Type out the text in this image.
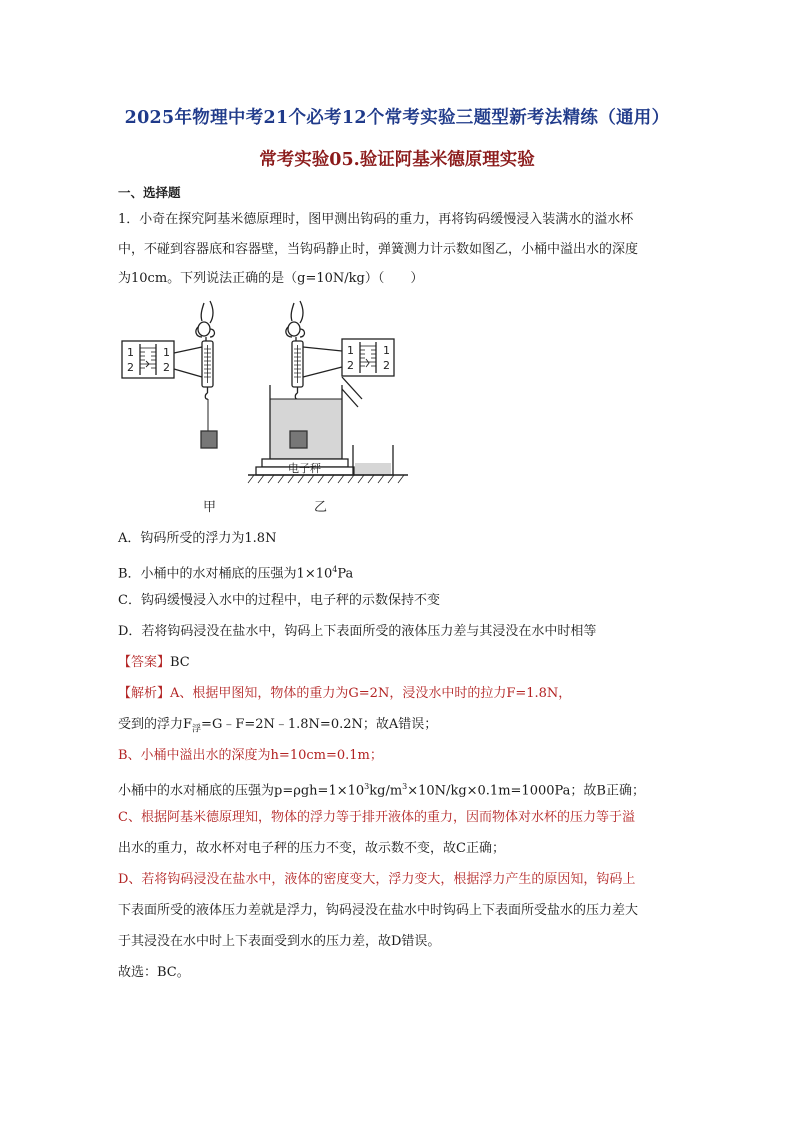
2025年物理中考21个必考12个常考实验三题型新考法精练（通用）
常考实验05.验证阿基米德原理实验
一、选择题
1．小奇在探究阿基米德原理时，图甲测出钩码的重力，再将钩码缓慢浸入装满水的溢水杯
中，不碰到容器底和容器壁，当钩码静止时，弹簧测力计示数如图乙，小桶中溢出水的深度
为10cm。下列说法正确的是（g=10N/kg）（　　）
1
2
1
2
1
2
1
2
电子秤
甲	乙
A．钩码所受的浮力为1.8N
B．小桶中的水对桶底的压强为$1\times 10^4Pa$
C．钩码缓慢浸入水中的过程中，电子秤的示数保持不变
D．若将钩码浸没在盐水中，钩码上下表面所受的液体压力差与其浸没在水中时相等
【答案】BC
【解析】A、根据甲图知，物体的重力为G=2N，浸没水中时的拉力F=1.8N，
受到的浮力$F_浮=G﹣F=2N﹣1.8N=0.2N$；故A错误；
B、小桶中溢出水的深度为h=10cm=0.1m；
小桶中的水对桶底的压强为$p=\rho gh=1\times 10^3kg/m^3\times 10N/kg\times 0.1m=1000Pa$；故B正确；
C、根据阿基米德原理知，物体的浮力等于排开液体的重力，因而物体对水杯的压力等于溢
出水的重力，故水杯对电子秤的压力不变，故示数不变，故C正确；
D、若将钩码浸没在盐水中，液体的密度变大，浮力变大，根据浮力产生的原因知，钩码上
下表面所受的液体压力差就是浮力，钩码浸没在盐水中时钩码上下表面所受盐水的压力差大
于其浸没在水中时上下表面受到水的压力差，故D错误。
故选：BC。
